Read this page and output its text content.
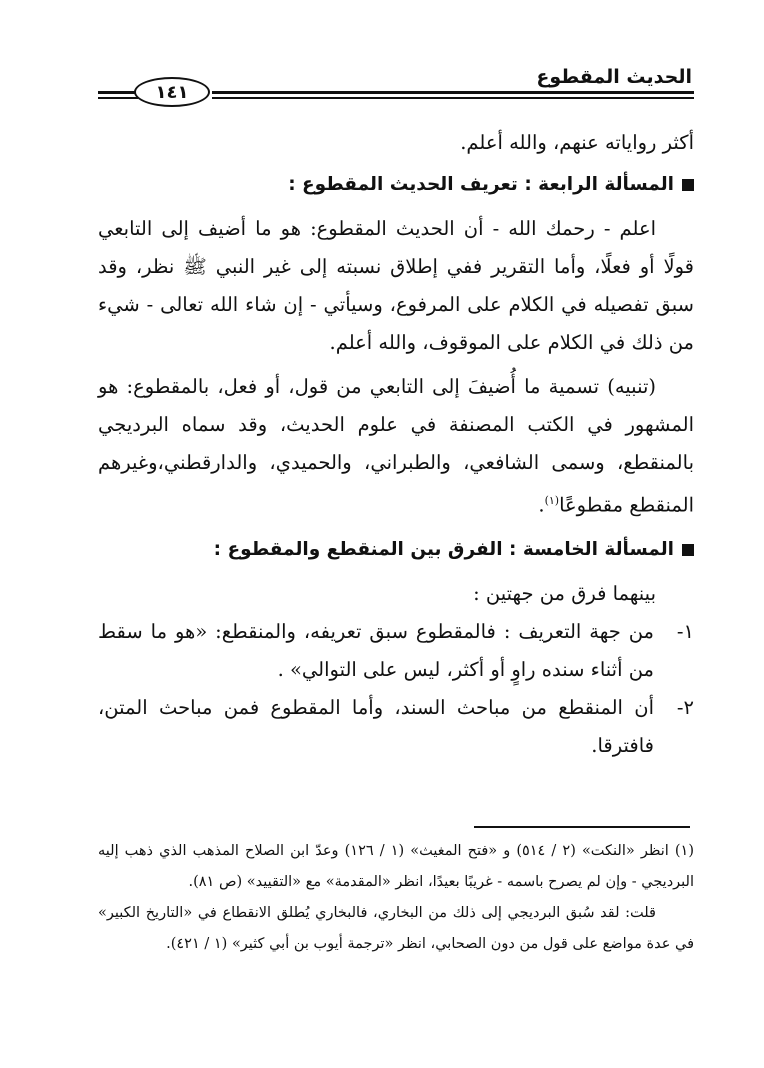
الحديث المقطوع
١٤١

أكثر رواياته عنهم، والله أعلم.

المسألة الرابعة : تعريف الحديث المقطوع :

اعلم - رحمك الله - أن الحديث المقطوع: هو ما أضيف إلى التابعي قولًا أو فعلًا، وأما التقرير ففي إطلاق نسبته إلى غير النبي ﷺ نظر، وقد سبق تفصيله في الكلام على المرفوع، وسيأتي - إن شاء الله تعالى - شيء من ذلك في الكلام على الموقوف، والله أعلم.

(تنبيه) تسمية ما أُضيفَ إلى التابعي من قول، أو فعل، بالمقطوع: هو المشهور في الكتب المصنفة في علوم الحديث، وقد سماه البرديجي بالمنقطع، وسمى الشافعي، والطبراني، والحميدي، والدارقطني،وغيرهم المنقطع مقطوعًا$^{(١)}$.

المسألة الخامسة : الفرق بين المنقطع والمقطوع :

بينهما فرق من جهتين :

١-
من جهة التعريف : فالمقطوع سبق تعريفه، والمنقطع: «هو ما سقط من أثناء سنده راوٍ أو أكثر، ليس على التوالي» .
٢-
أن المنقطع من مباحث السند، وأما المقطوع فمن مباحث المتن، فافترقا.

(١) انظر «النكت» (٢ / ٥١٤) و «فتح المغيث» (١ / ١٢٦) وعدّ ابن الصلاح المذهب الذي ذهب إليه البرديجي - وإن لم يصرح باسمه - غريبًا بعيدًا، انظر «المقدمة» مع «التقييد» (ص ٨١).

قلت: لقد سُبق البرديجي إلى ذلك من البخاري، فالبخاري يُطلق الانقطاع في «التاريخ الكبير» في عدة مواضع على قول من دون الصحابي، انظر «ترجمة أيوب بن أبي كثير» (١ / ٤٢١).
